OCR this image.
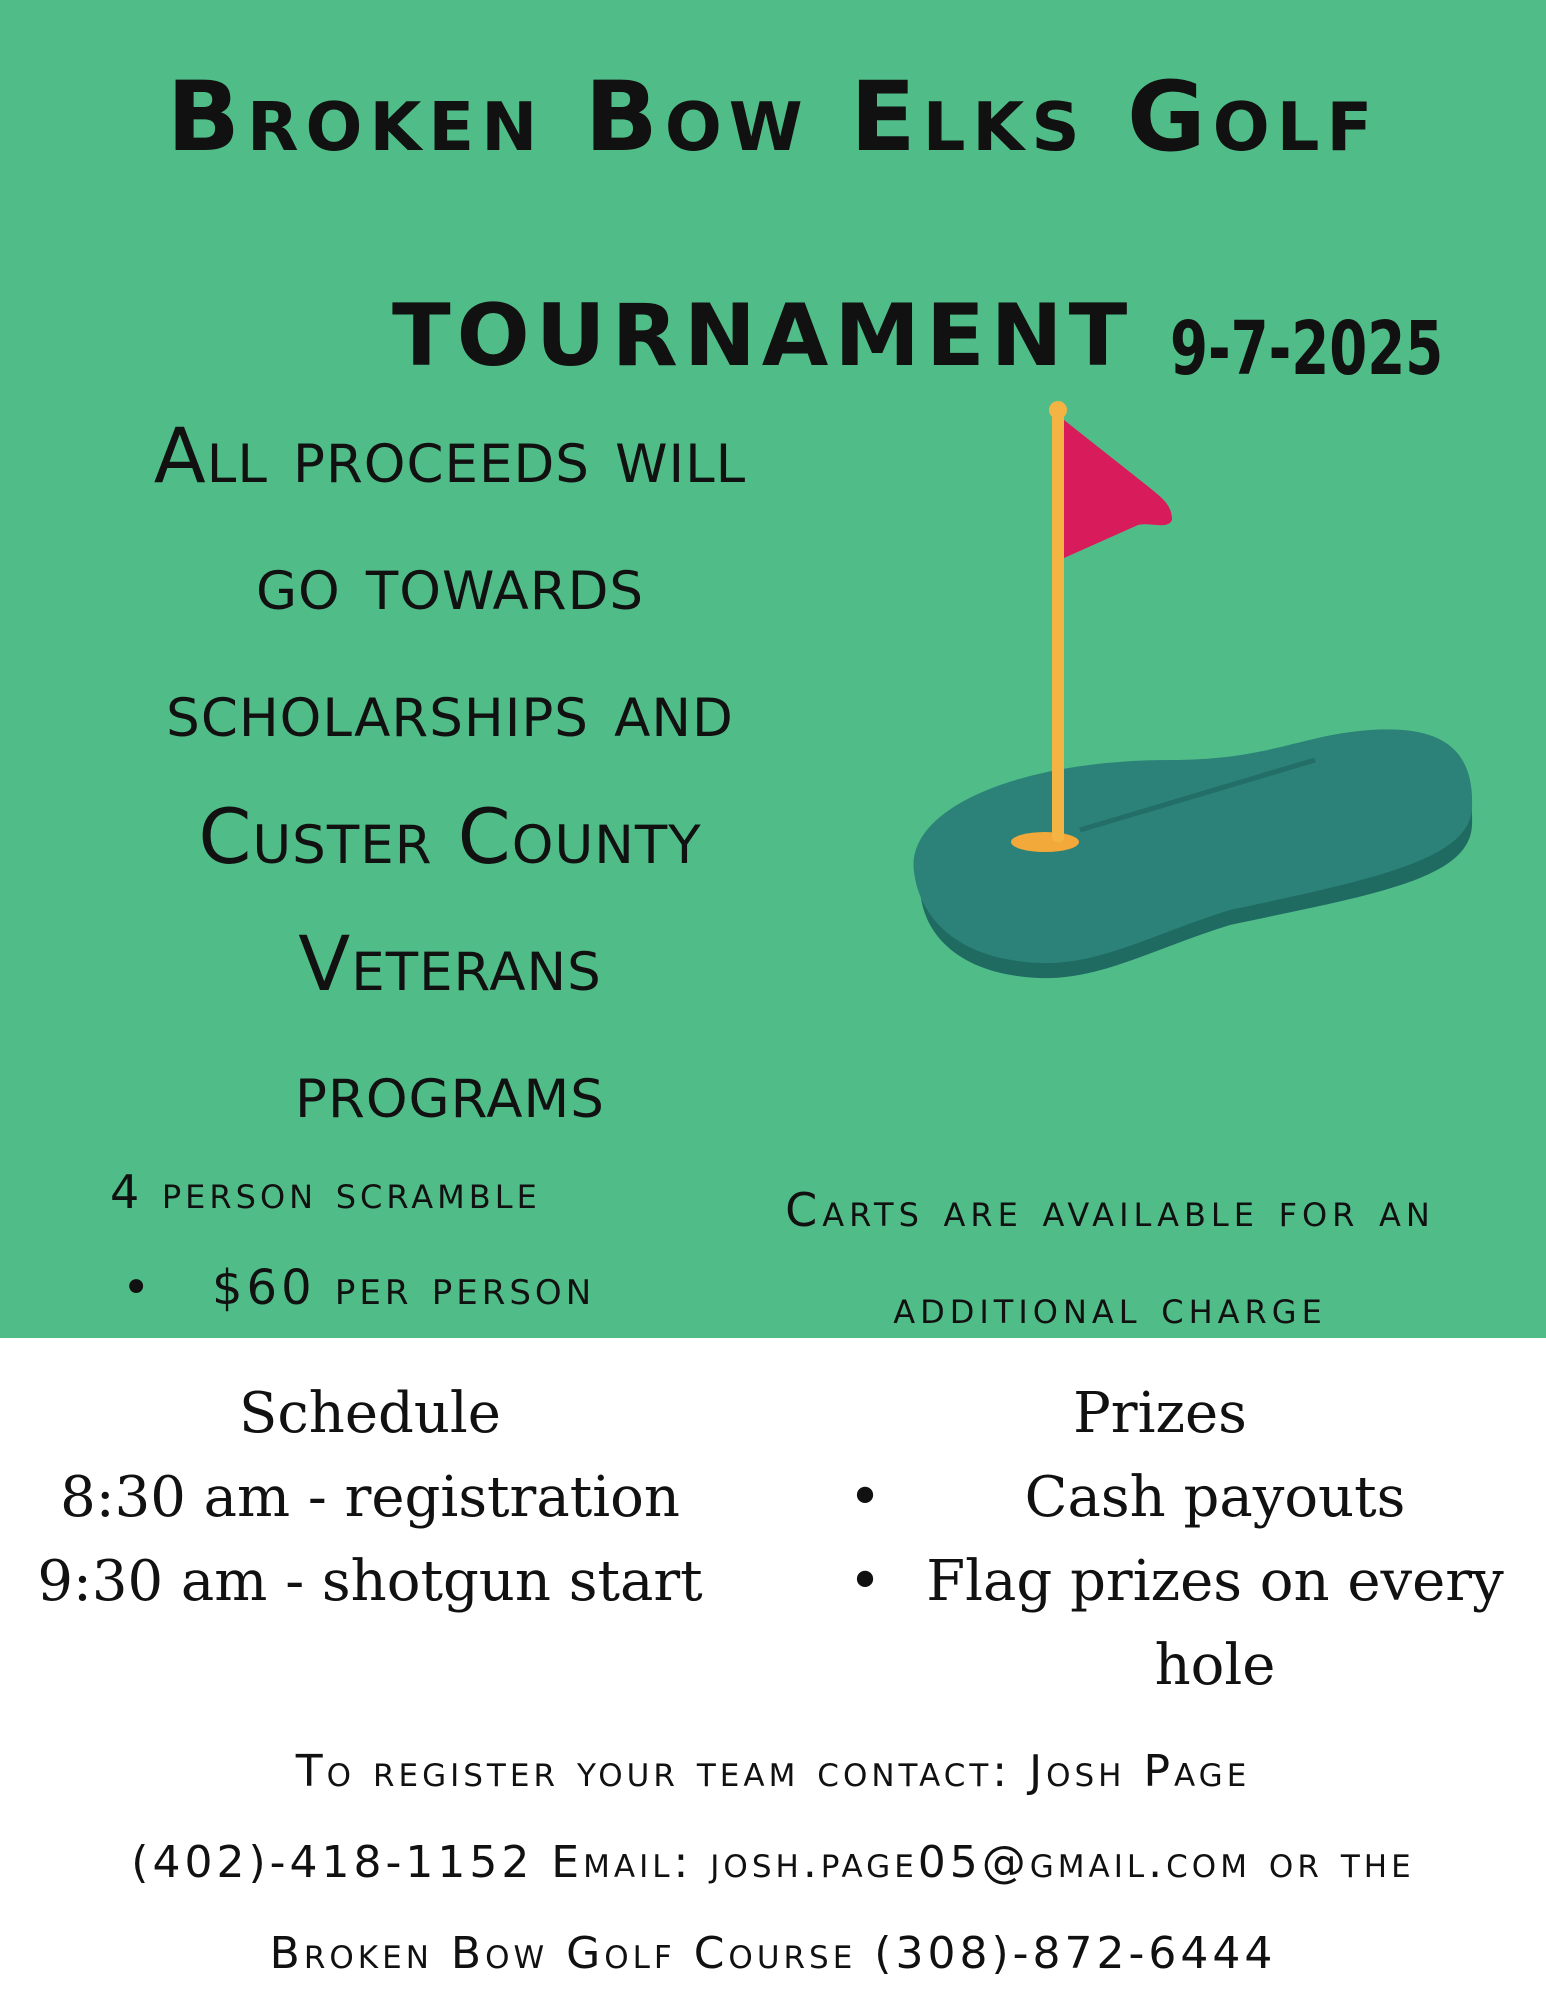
Broken Bow Elks Golf
TOURNAMENT 9-7-2025
All proceeds will
go towards
scholarships and
Custer County
Veterans
programs
4 person scramble
• $60 per person
Carts are available for an
additional charge
Schedule
8:30 am - registration
9:30 am - shotgun start
Prizes
•	Cash payouts
• Flag prizes on every
hole
To register your team contact: Josh Page
(402)-418-1152 Email: josh.page05@gmail.com or the
Broken Bow Golf Course (308)-872-6444
